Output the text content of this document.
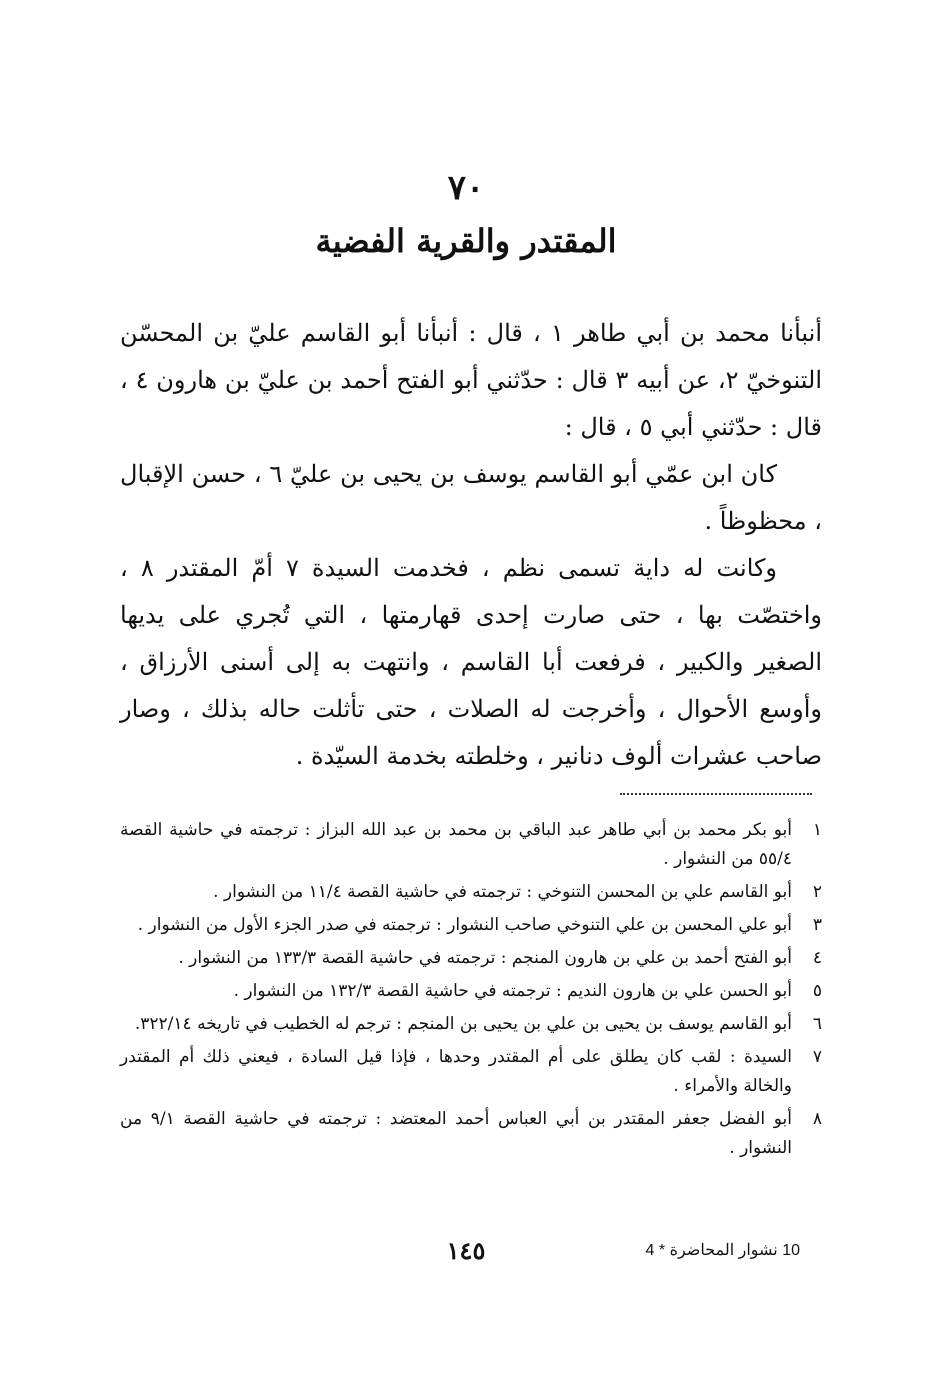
٧٠
المقتدر والقرية الفضية

أنبأنا محمد بن أبي طاهر ١ ، قال : أنبأنا أبو القاسم عليّ بن المحسّن التنوخيّ ٢، عن أبيه ٣ قال : حدّثني أبو الفتح أحمد بن عليّ بن هارون ٤ ، قال : حدّثني أبي ٥ ، قال :

كان ابن عمّي أبو القاسم يوسف بن يحيى بن عليّ ٦ ، حسن الإقبال ، محظوظاً .

وكانت له داية تسمى نظم ، فخدمت السيدة ٧ أمّ المقتدر ٨ ، واختصّت بها ، حتى صارت إحدى قهارمتها ، التي تُجري على يديها الصغير والكبير ، فرفعت أبا القاسم ، وانتهت به إلى أسنى الأرزاق ، وأوسع الأحوال ، وأخرجت له الصلات ، حتى تأثلت حاله بذلك ، وصار صاحب عشرات ألوف دنانير ، وخلطته بخدمة السيّدة .

١
أبو بكر محمد بن أبي طاهر عبد الباقي بن محمد بن عبد الله البزاز : ترجمته في حاشية القصة ٥٥/٤ من النشوار .
٢
أبو القاسم علي بن المحسن التنوخي : ترجمته في حاشية القصة ١١/٤ من النشوار .
٣
أبو علي المحسن بن علي التنوخي صاحب النشوار : ترجمته في صدر الجزء الأول من النشوار .
٤
أبو الفتح أحمد بن علي بن هارون المنجم : ترجمته في حاشية القصة ١٣٣/٣ من النشوار .
٥
أبو الحسن علي بن هارون النديم : ترجمته في حاشية القصة ١٣٢/٣ من النشوار .
٦
أبو القاسم يوسف بن يحيى بن علي بن يحيى بن المنجم : ترجم له الخطيب في تاريخه ٣٢٢/١٤.
٧
السيدة : لقب كان يطلق على أم المقتدر وحدها ، فإذا قيل السادة ، فيعني ذلك أم المقتدر والخالة والأمراء .
٨
أبو الفضل جعفر المقتدر بن أبي العباس أحمد المعتضد : ترجمته في حاشية القصة ٩/١ من النشوار .
١٤٥	10 نشوار المحاضرة * 4
